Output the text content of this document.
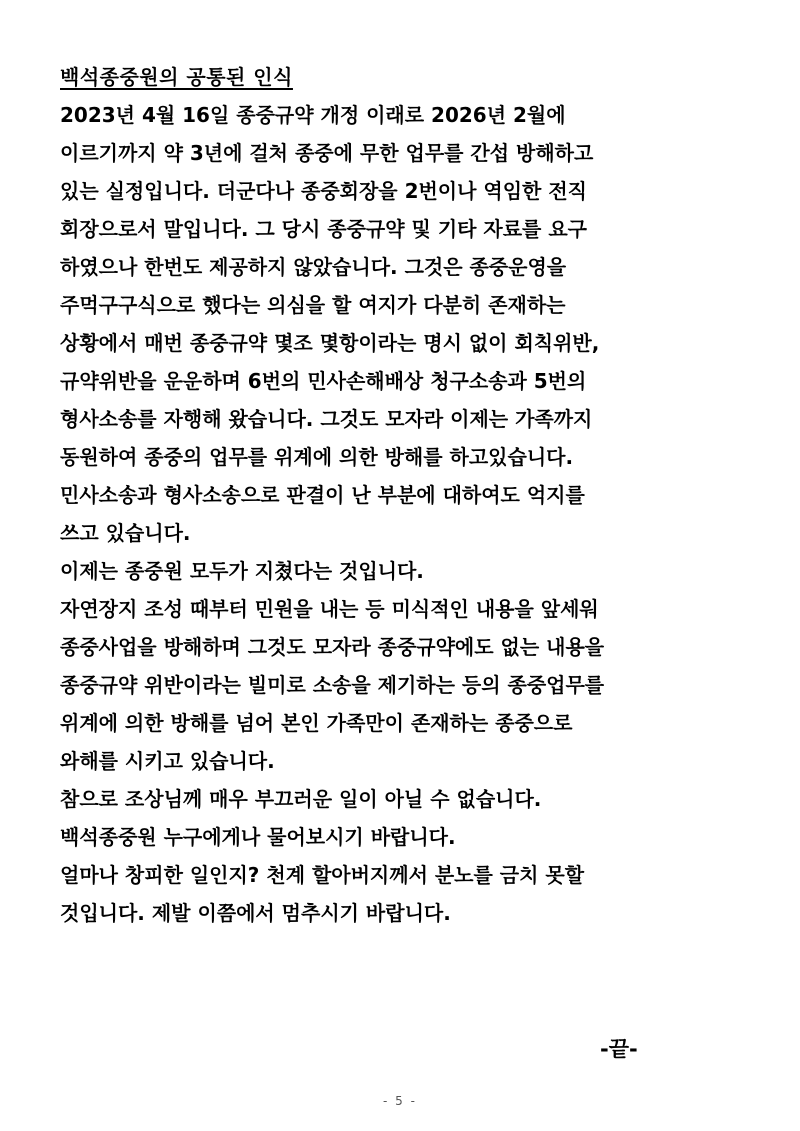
백석종중원의 공통된 인식
2023년 4월 16일 종중규약 개정 이래로 2026년 2월에
이르기까지 약 3년에 걸처 종중에 무한 업무를 간섭 방해하고
있는 실정입니다. 더군다나 종중회장을 2번이나 역임한 전직
회장으로서 말입니다. 그 당시 종중규약 및 기타 자료를 요구
하였으나 한번도 제공하지 않았습니다. 그것은 종중운영을
주먹구구식으로 했다는 의심을 할 여지가 다분히 존재하는
상황에서 매번 종중규약 몇조 몇항이라는 명시 없이 회칙위반,
규약위반을 운운하며 6번의 민사손해배상 청구소송과 5번의
형사소송를 자행해 왔습니다. 그것도 모자라 이제는 가족까지
동원하여 종중의 업무를 위계에 의한 방해를 하고있습니다.
민사소송과 형사소송으로 판결이 난 부분에 대하여도 억지를
쓰고 있습니다.
이제는 종중원 모두가 지쳤다는 것입니다.
자연장지 조성 때부터 민원을 내는 등 미식적인 내용을 앞세워
종중사업을 방해하며 그것도 모자라 종중규약에도 없는 내용을
종중규약 위반이라는 빌미로 소송을 제기하는 등의 종중업무를
위계에 의한 방해를 넘어 본인 가족만이 존재하는 종중으로
와해를 시키고 있습니다.
참으로 조상님께 매우 부끄러운 일이 아닐 수 없습니다.
백석종중원 누구에게나 물어보시기 바랍니다.
얼마나 창피한 일인지? 천계 할아버지께서 분노를 금치 못할
것입니다. 제발 이쯤에서 멈추시기 바랍니다.
-끝-
- 5 -
